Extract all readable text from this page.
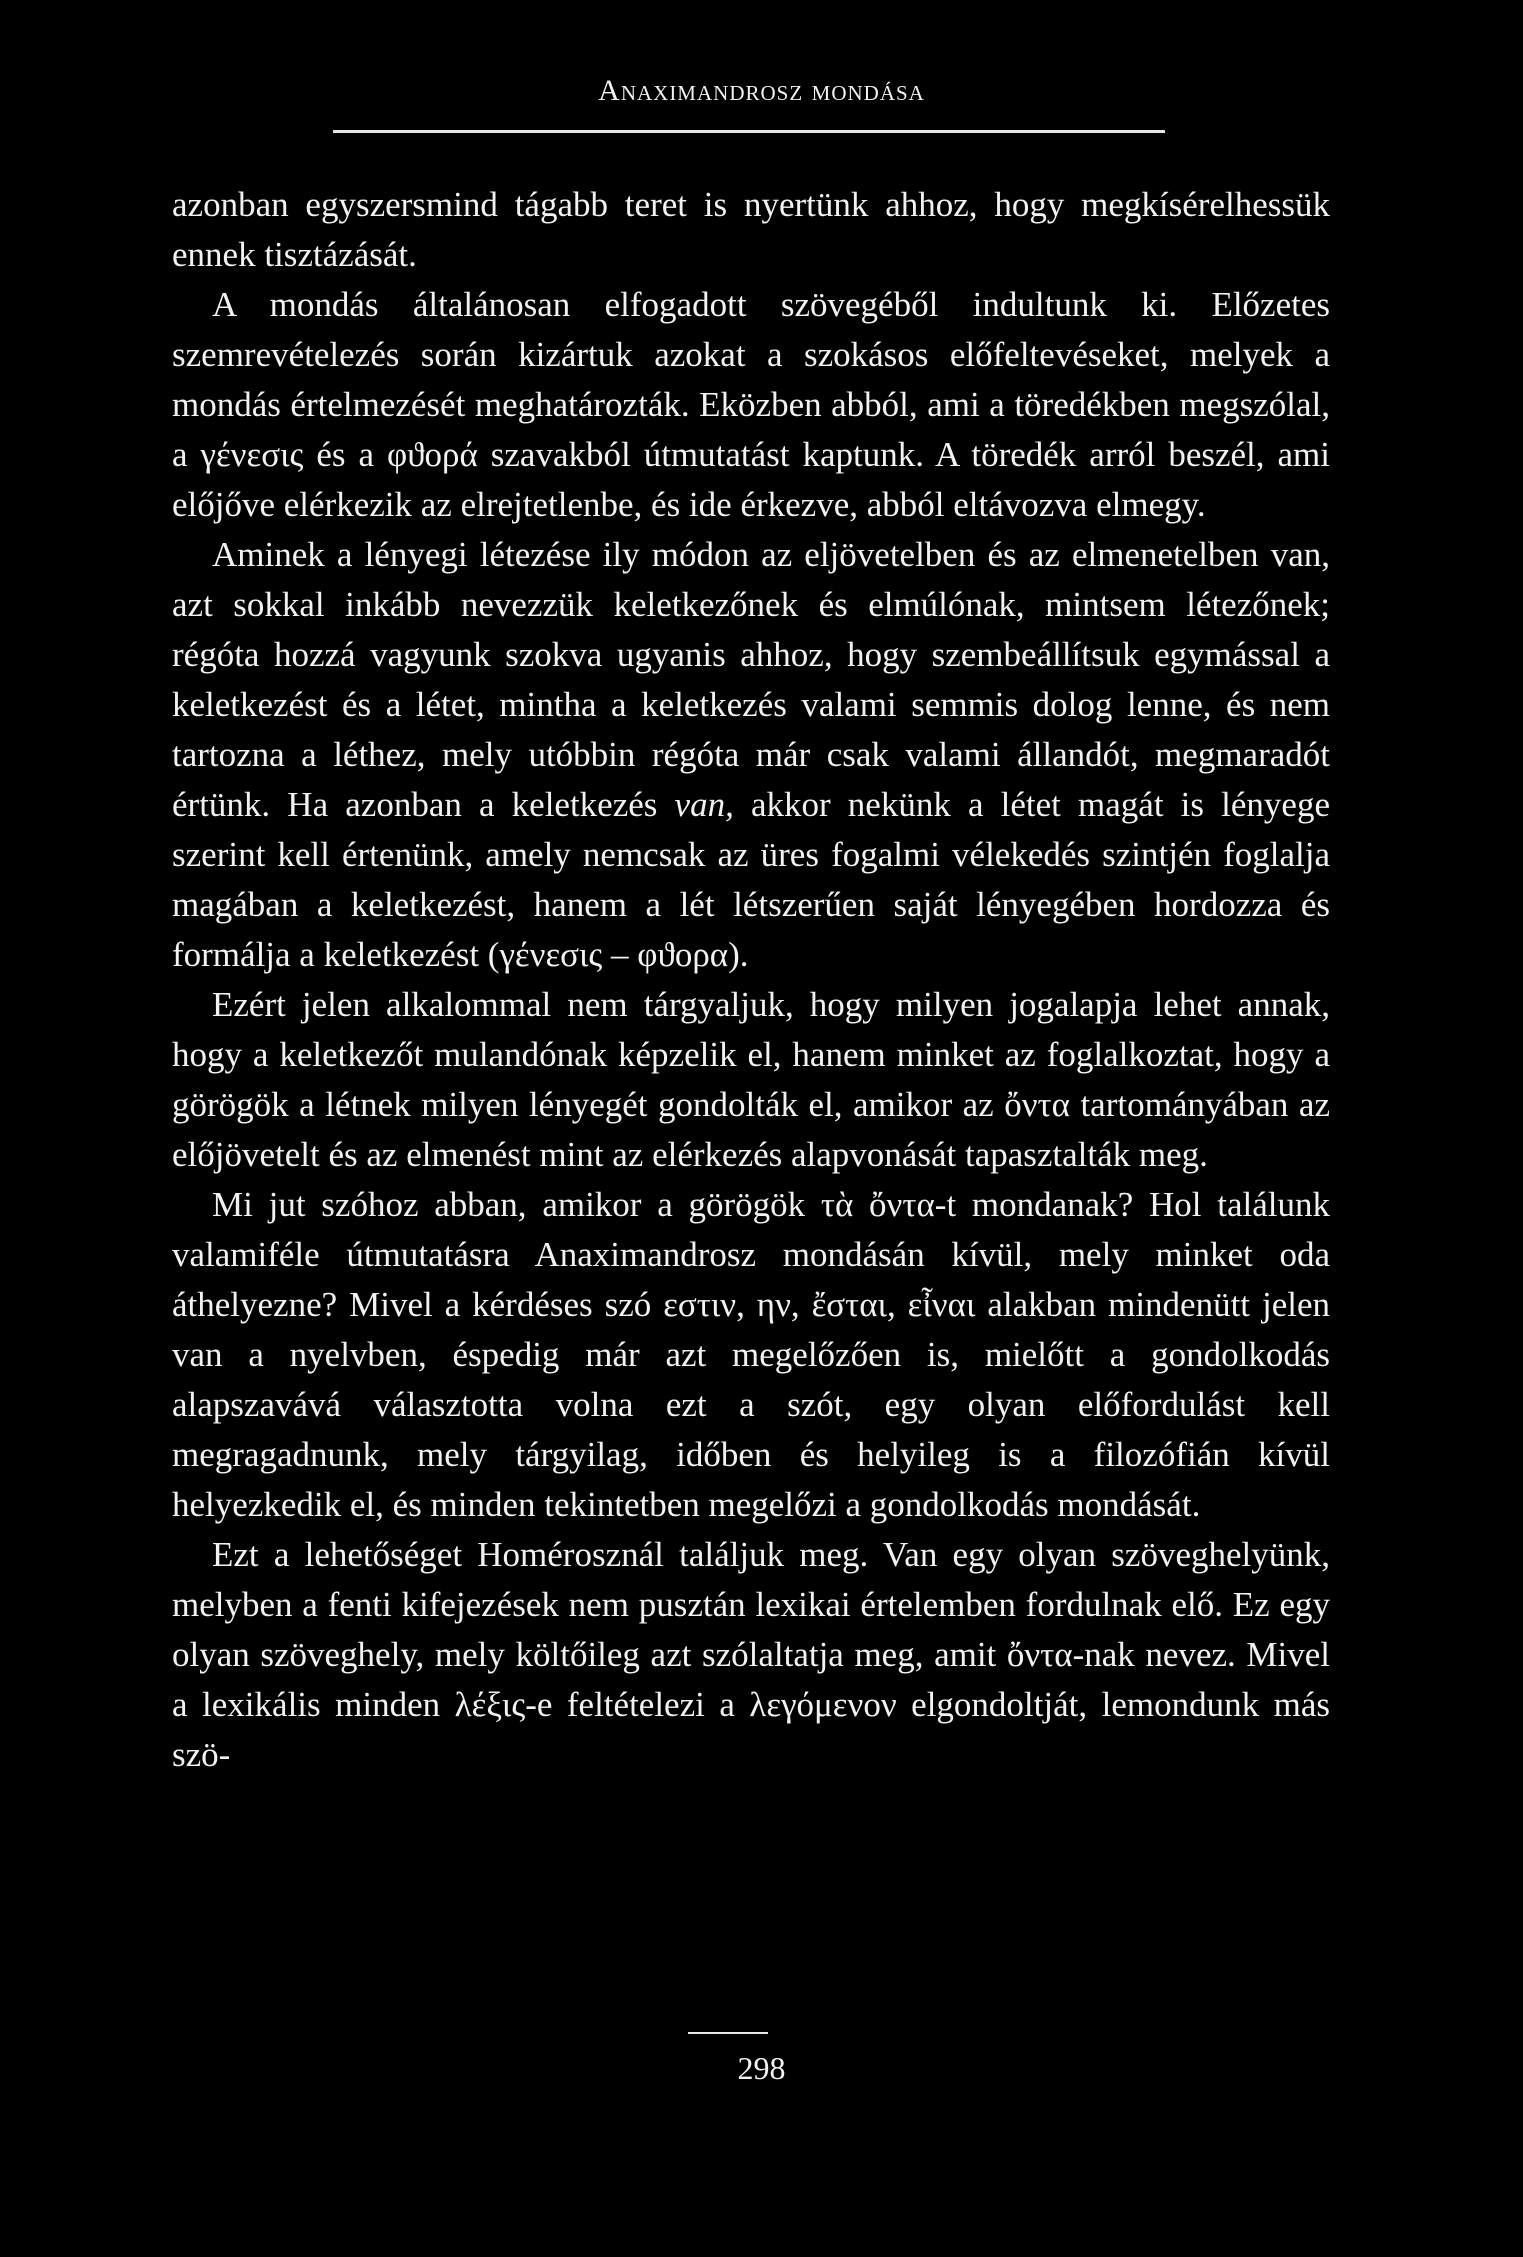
Anaximandrosz mondása

azonban egyszersmind tágabb teret is nyertünk ahhoz, hogy megkísérelhessük ennek tisztázását.

A mondás általánosan elfogadott szövegéből indultunk ki. Előzetes szemrevételezés során kizártuk azokat a szokásos előfeltevéseket, melyek a mondás értelmezését meghatározták. Eközben abból, ami a töredékben megszólal, a γένεσις és a φϑορά szavakból útmutatást kaptunk. A töredék arról beszél, ami előjőve elérkezik az elrejtetlenbe, és ide érkezve, abból eltávozva elmegy.

Aminek a lényegi létezése ily módon az eljövetelben és az elmenetelben van, azt sokkal inkább nevezzük keletkezőnek és elmúlónak, mintsem létezőnek; régóta hozzá vagyunk szokva ugyanis ahhoz, hogy szembeállítsuk egymással a keletkezést és a létet, mintha a keletkezés valami semmis dolog lenne, és nem tartozna a léthez, mely utóbbin régóta már csak valami állandót, megmaradót értünk. Ha azonban a keletkezés van, akkor nekünk a létet magát is lényege szerint kell értenünk, amely nemcsak az üres fogalmi vélekedés szintjén foglalja magában a keletkezést, hanem a lét létszerűen saját lényegében hordozza és formálja a keletkezést (γένεσις – φϑορα).

Ezért jelen alkalommal nem tárgyaljuk, hogy milyen jogalapja lehet annak, hogy a keletkezőt mulandónak képzelik el, hanem minket az foglalkoztat, hogy a görögök a létnek milyen lényegét gondolták el, amikor az ὄντα tartományában az előjövetelt és az elmenést mint az elérkezés alapvonását tapasztalták meg.

Mi jut szóhoz abban, amikor a görögök τὰ ὄντα-t mondanak? Hol találunk valamiféle útmutatásra Anaximandrosz mondásán kívül, mely minket oda áthelyezne? Mivel a kérdéses szó εστιν, ην, ἔσται, εἶναι alakban mindenütt jelen van a nyelvben, éspedig már azt megelőzően is, mielőtt a gondolkodás alapszavává választotta volna ezt a szót, egy olyan előfordulást kell megragadnunk, mely tárgyilag, időben és helyileg is a filozófián kívül helyezkedik el, és minden tekintetben megelőzi a gondolkodás mondását.

Ezt a lehetőséget Homérosznál találjuk meg. Van egy olyan szöveghelyünk, melyben a fenti kifejezések nem pusztán lexikai értelemben fordulnak elő. Ez egy olyan szöveghely, mely költőileg azt szólaltatja meg, amit ὄντα-nak nevez. Mivel a lexikális minden λέξις-e feltételezi a λεγόμενον elgondoltját, lemondunk más szö-

298
